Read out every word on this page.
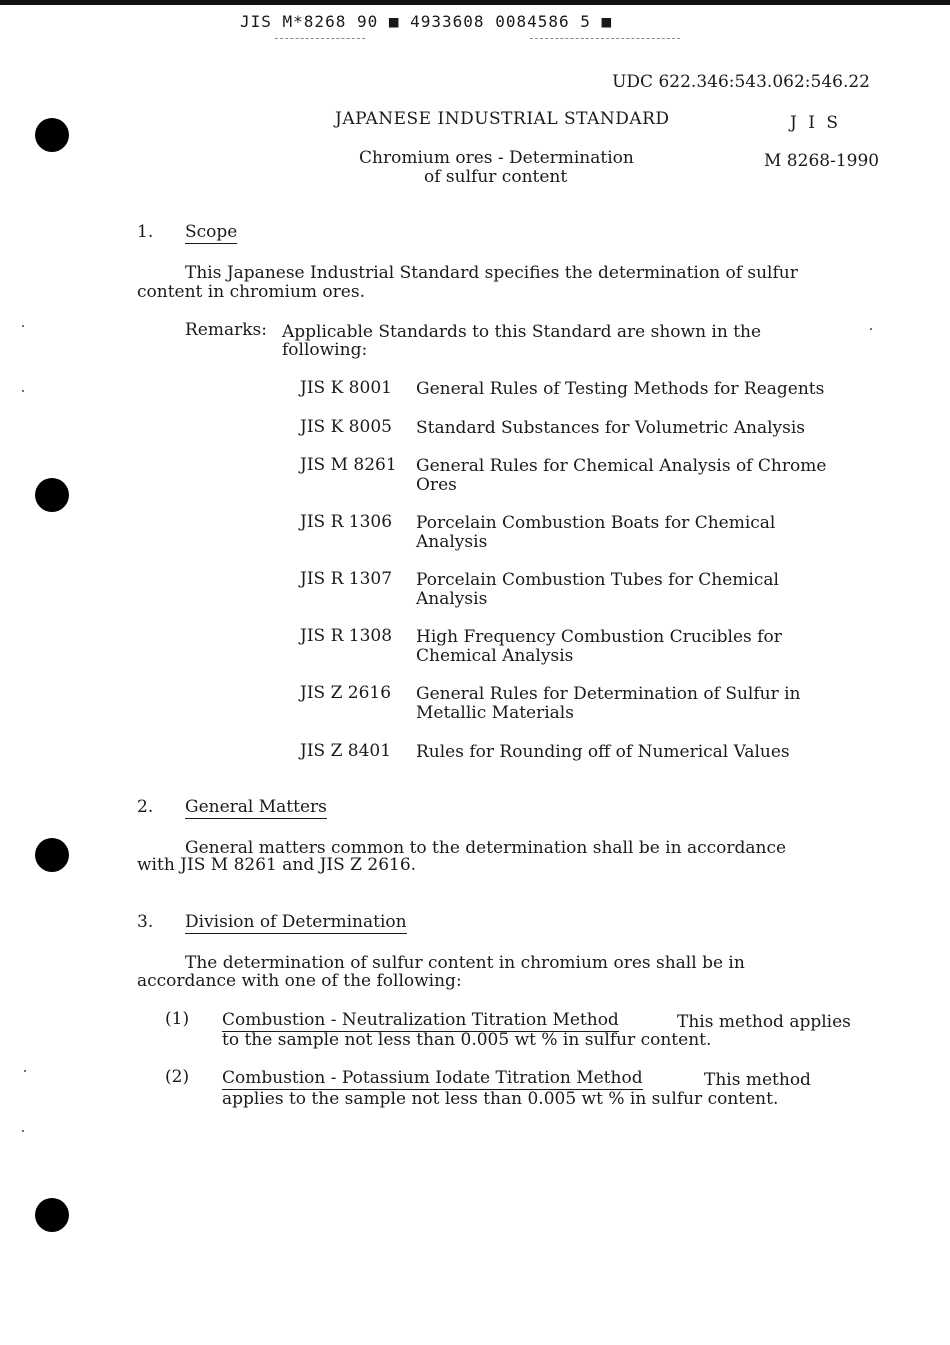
JIS M*8268 90 ■ 4933608 0084586 5 ■
UDC 622.346:543.062:546.22
JAPANESE INDUSTRIAL STANDARD	J I S
Chromium ores - Determination
of sulfur content
M 8268-1990
1. Scope
This Japanese Industrial Standard specifies the determination of sulfur
content in chromium ores.
Remarks: Applicable Standards to this Standard are shown in the
following:
JIS K 8001 General Rules of Testing Methods for Reagents
JIS K 8005 Standard Substances for Volumetric Analysis
JIS M 8261 General Rules for Chemical Analysis of Chrome Ores
JIS R 1306 Porcelain Combustion Boats for Chemical Analysis
JIS R 1307 Porcelain Combustion Tubes for Chemical Analysis
JIS R 1308 High Frequency Combustion Crucibles for Chemical Analysis
JIS Z 2616 General Rules for Determination of Sulfur in Metallic Materials
JIS Z 8401 Rules for Rounding off of Numerical Values
2. General Matters
General matters common to the determination shall be in accordance
with JIS M 8261 and JIS Z 2616.
3. Division of Determination
The determination of sulfur content in chromium ores shall be in
accordance with one of the following:
(1) Combustion - Neutralization Titration Method	This method applies
to the sample not less than 0.005 wt % in sulfur content.
(2) Combustion - Potassium Iodate Titration Method	This method
applies to the sample not less than 0.005 wt % in sulfur content.
